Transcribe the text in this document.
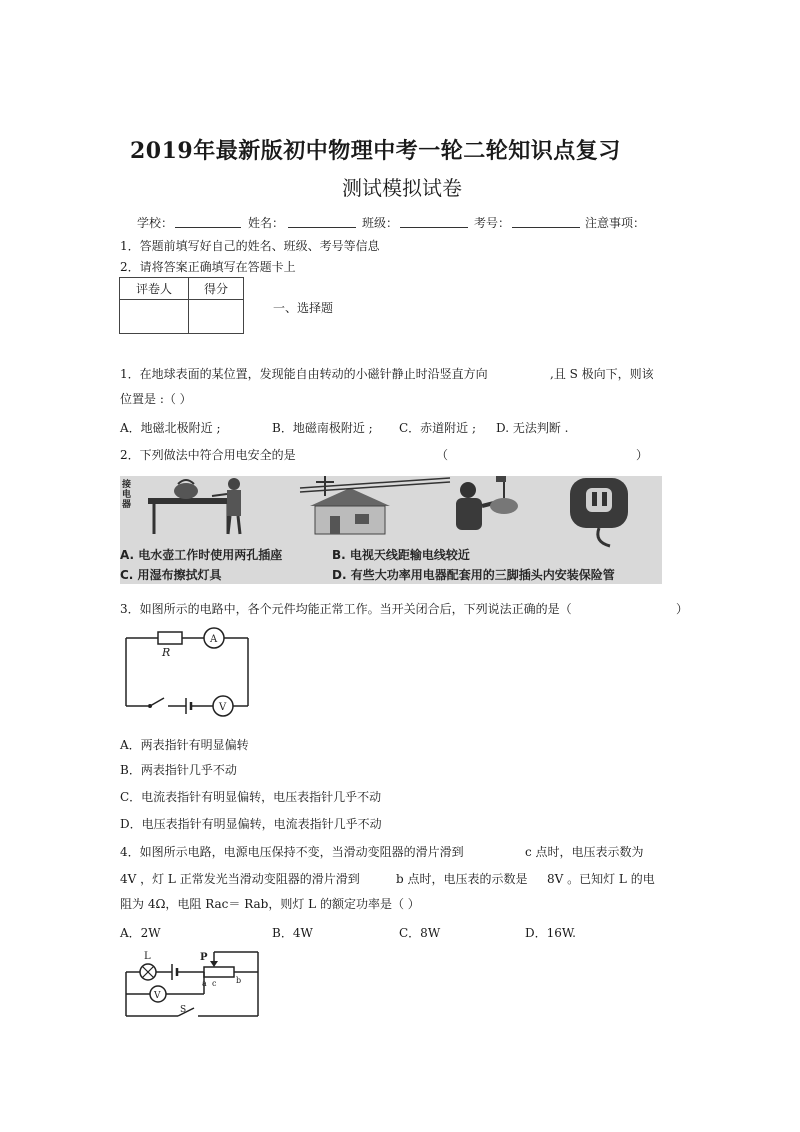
2019年最新版初中物理中考一轮二轮知识点复习
测试模拟试卷
学校：	姓名：	班级：	考号：	注意事项：
1．答题前填写好自己的姓名、班级、考号等信息
2．请将答案正确填写在答题卡上
评卷人	得分

一、选择题
1．在地球表面的某位置，发现能自由转动的小磁针静止时沿竖直方向	,且 S 极向下，则该
位置是 :（ ）
A．地磁北极附近 ;	B．地磁南极附近 ; C．赤道附近 ; D. 无法判断 .
2．下列做法中符合用电安全的是	（	）
接电器
A. 电水壶工作时使用两孔插座	B. 电视天线距输电线较近
C. 用湿布擦拭灯具	D. 有些大功率用电器配套用的三脚插头内安装保险管
3．如图所示的电路中，各个元件均能正常工作。当开关闭合后，下列说法正确的是（	）
R
A
V
A．两表指针有明显偏转
B．两表指针几乎不动
C．电流表指针有明显偏转，电压表指针几乎不动
D．电压表指针有明显偏转，电流表指针几乎不动
4．如图所示电路，电源电压保持不变，当滑动变阻器的滑片滑到	c 点时，电压表示数为
4V ，灯 L 正常发光当滑动变阻器的滑片滑到	b 点时，电压表的示数是 8V 。已知灯 L 的电
阻为 4Ω，电阻 Rac＝ Rab，则灯 L 的额定功率是（ ）
A．2W	B．4W	C．8W	D．16W.
L	P
a c b
V
S
